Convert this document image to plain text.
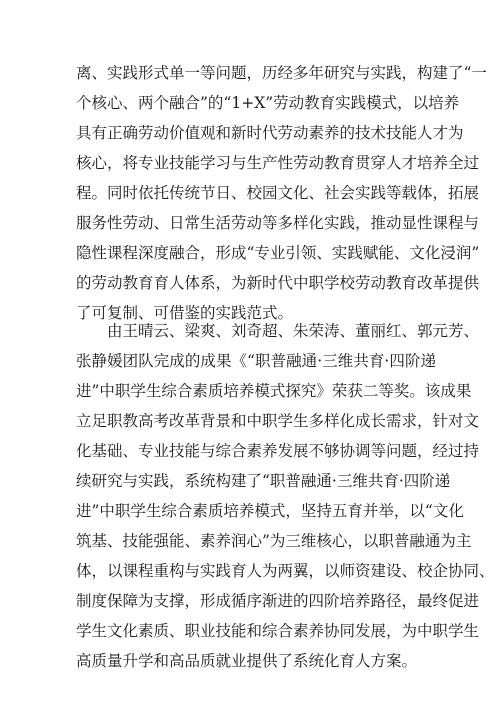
离、实践形式单一等问题，历经多年研究与实践，构建了“一
个核心、两个融合”的“1+X”劳动教育实践模式，以培养
具有正确劳动价值观和新时代劳动素养的技术技能人才为
核心，将专业技能学习与生产性劳动教育贯穿人才培养全过
程。同时依托传统节日、校园文化、社会实践等载体，拓展
服务性劳动、日常生活劳动等多样化实践，推动显性课程与
隐性课程深度融合，形成“专业引领、实践赋能、文化浸润”
的劳动教育育人体系，为新时代中职学校劳动教育改革提供
了可复制、可借鉴的实践范式。
由王晴云、梁爽、刘奇超、朱荣涛、董丽红、郭元芳、
张静媛团队完成的成果《“职普融通·三维共育·四阶递
进”中职学生综合素质培养模式探究》荣获二等奖。该成果
立足职教高考改革背景和中职学生多样化成长需求，针对文
化基础、专业技能与综合素养发展不够协调等问题，经过持
续研究与实践，系统构建了“职普融通·三维共育·四阶递
进”中职学生综合素质培养模式，坚持五育并举，以“文化
筑基、技能强能、素养润心”为三维核心，以职普融通为主
体，以课程重构与实践育人为两翼，以师资建设、校企协同、
制度保障为支撑，形成循序渐进的四阶培养路径，最终促进
学生文化素质、职业技能和综合素养协同发展，为中职学生
高质量升学和高品质就业提供了系统化育人方案。
